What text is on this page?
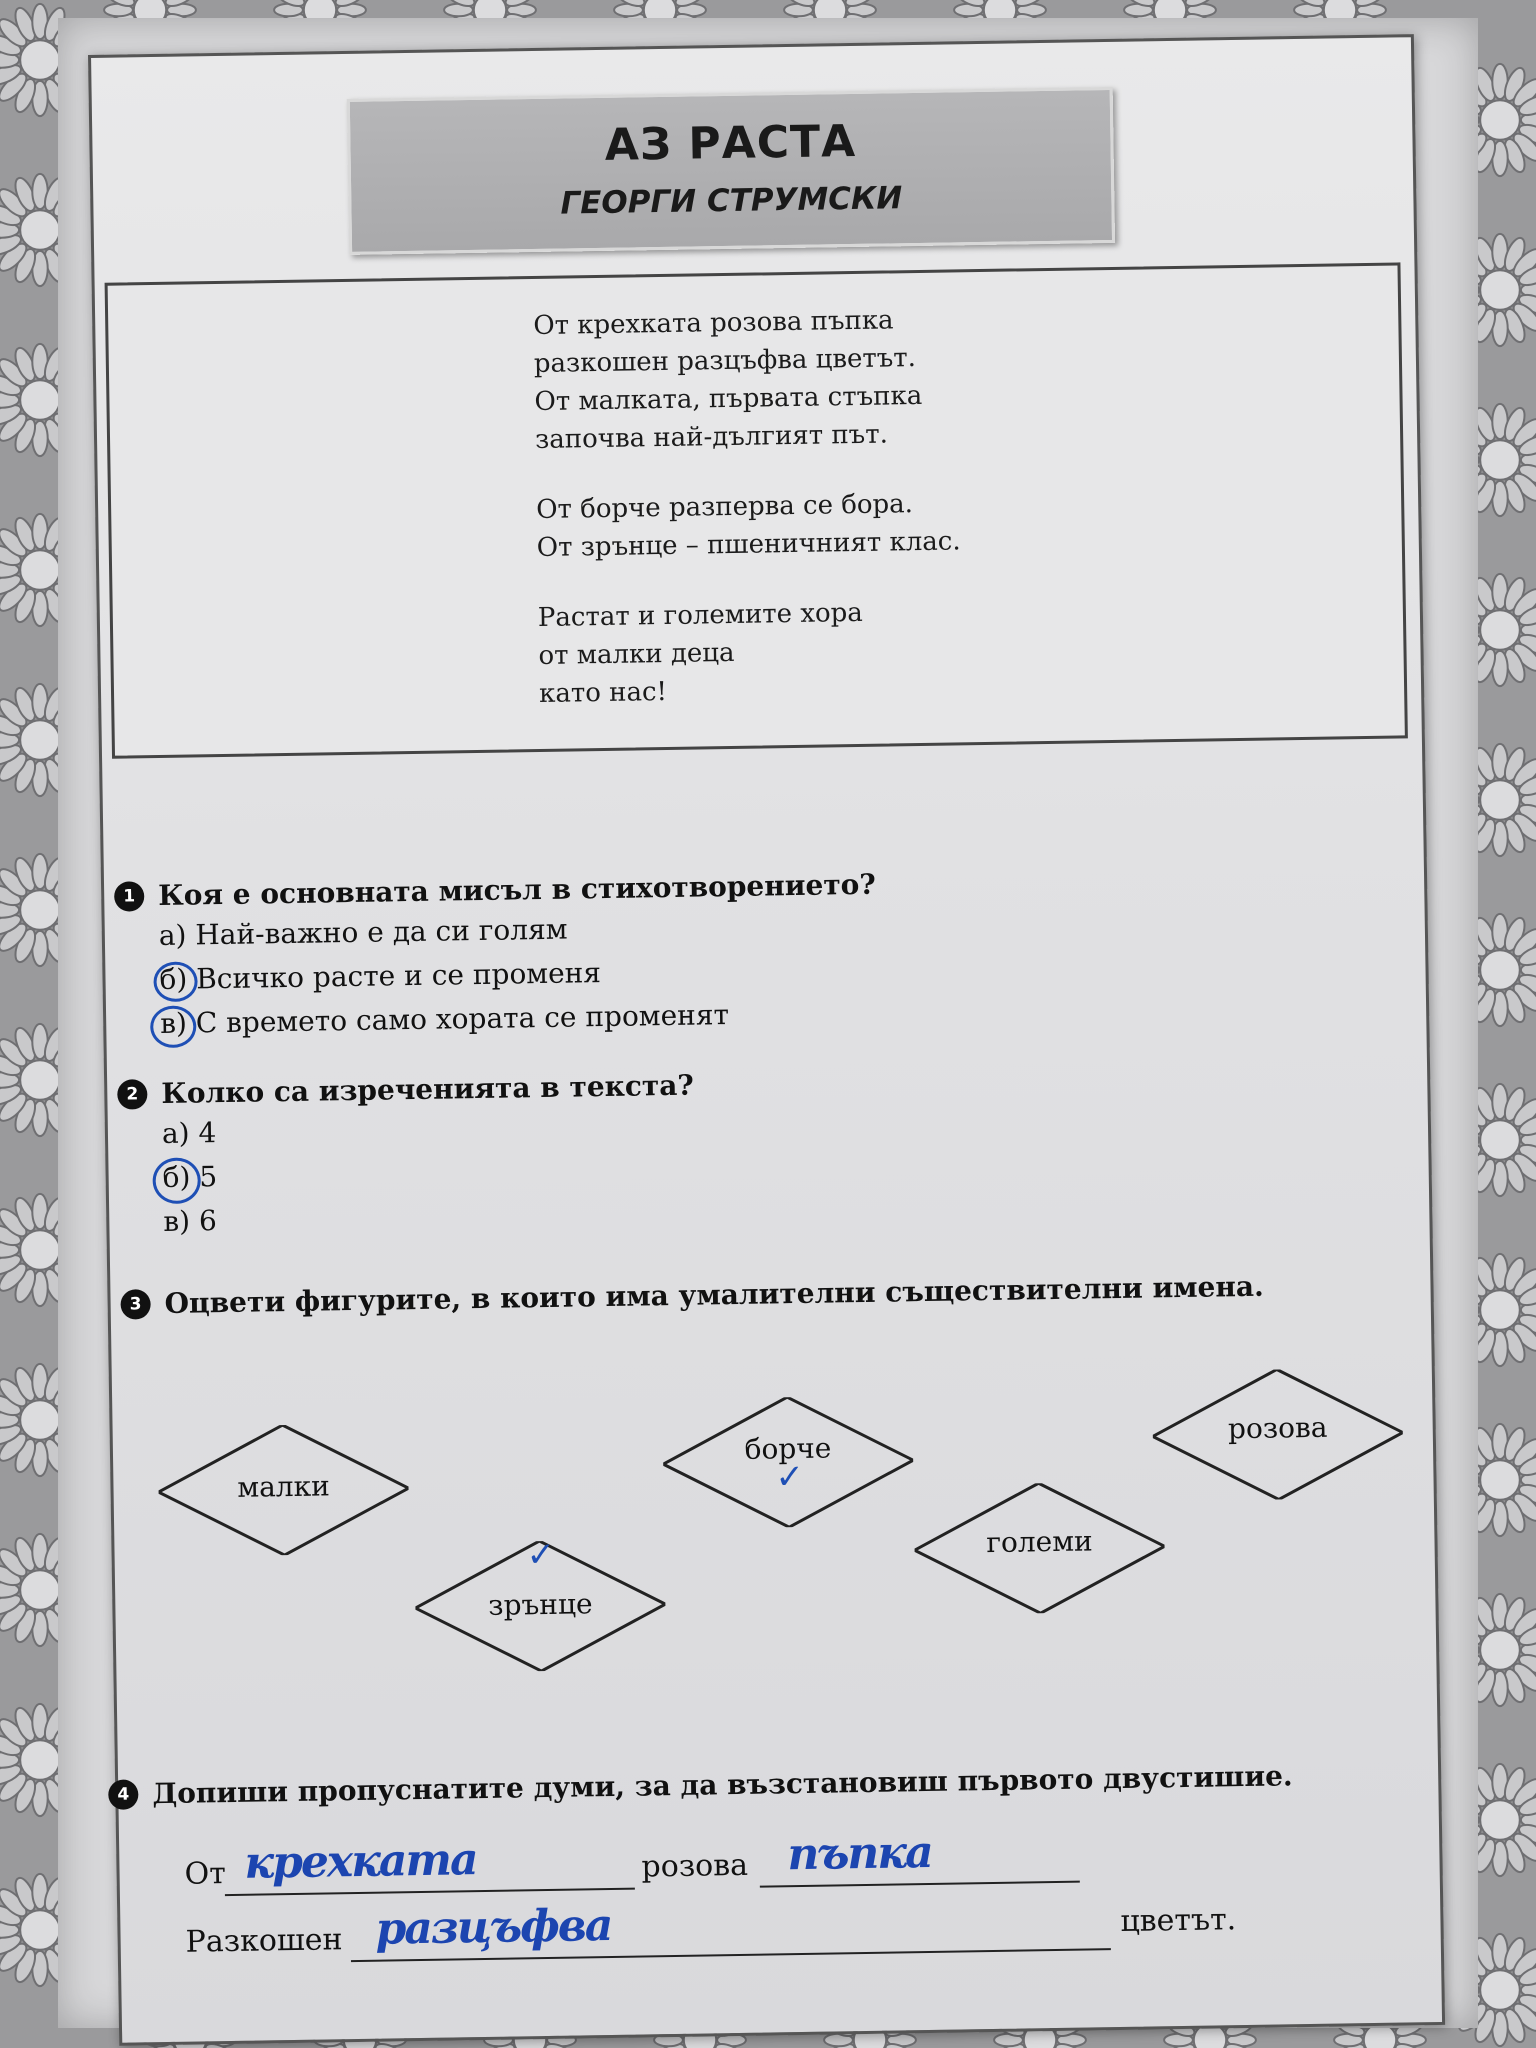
АЗ РАСТА
ГЕОРГИ СТРУМСКИ
От крехката розова пъпка
разкошен разцъфва цветът.
От малката, първата стъпка
започва най-дългият път.
От борче разперва се бора.
От зрънце – пшеничният клас.
Растат и големите хора
от малки деца
като нас!
1 Коя е основната мисъл в стихотворението?
а) Най-важно е да си голям
б) Всичко расте и се променя
в) С времето само хората се променят
2 Колко са изреченията в текста?
а) 4
б) 5
в) 6
3 Оцвети фигурите, в които има умалителни съществителни имена.
малки
зрънце
✓
борче
✓
големи
розова
4 Допиши пропуснатите думи, за да възстановиш първото двустишие.
От крехката	розова пъпка
Разкошен разцъфва	цветът.
